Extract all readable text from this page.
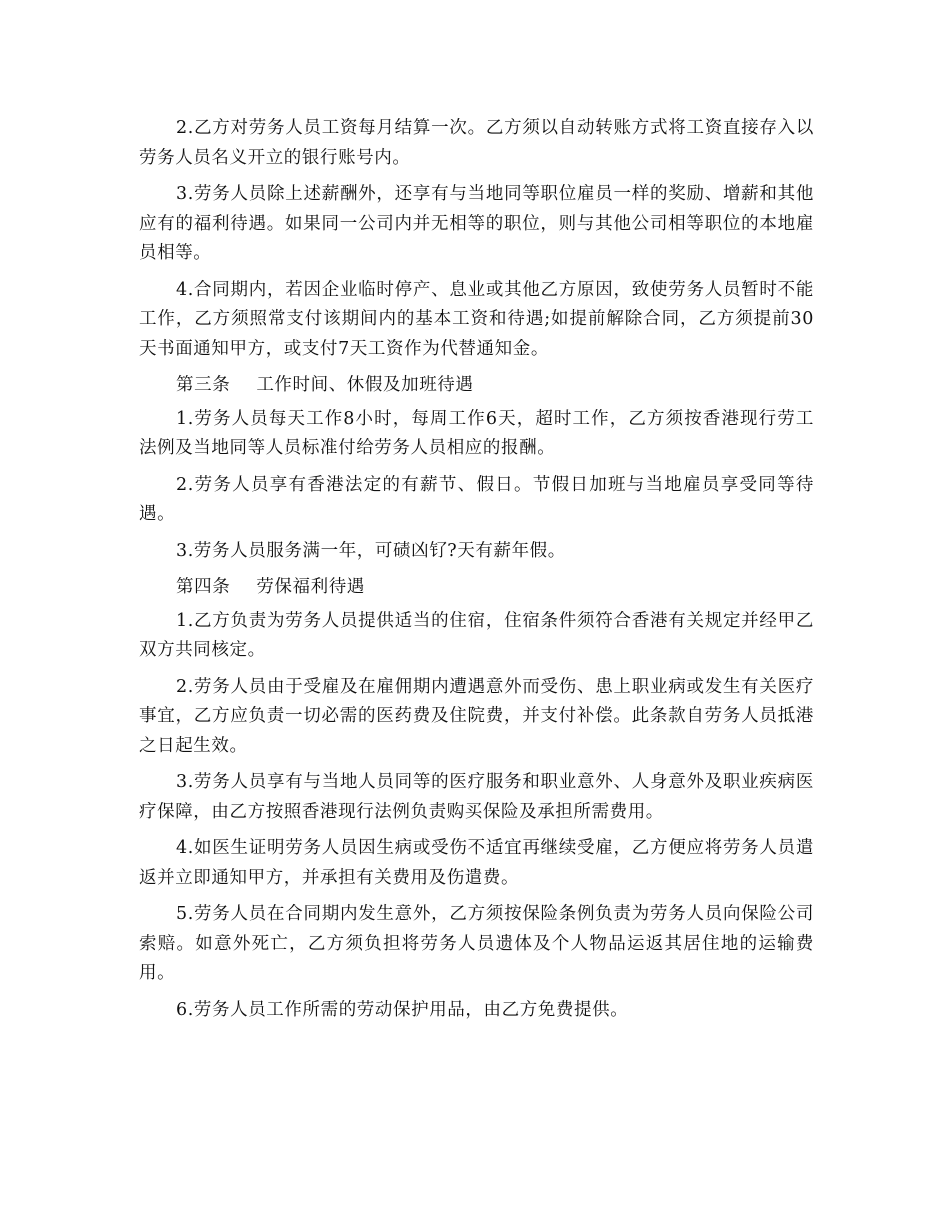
2.乙方对劳务人员工资每月结算一次。乙方须以自动转账方式将工资直接存入以劳务人员名义开立的银行账号内。

3.劳务人员除上述薪酬外，还享有与当地同等职位雇员一样的奖励、增薪和其他应有的福利待遇。如果同一公司内并无相等的职位，则与其他公司相等职位的本地雇员相等。

4.合同期内，若因企业临时停产、息业或其他乙方原因，致使劳务人员暂时不能工作，乙方须照常支付该期间内的基本工资和待遇;如提前解除合同，乙方须提前30天书面通知甲方，或支付7天工资作为代替通知金。

第三条 工作时间、休假及加班待遇

1.劳务人员每天工作8小时，每周工作6天，超时工作，乙方须按香港现行劳工法例及当地同等人员标准付给劳务人员相应的报酬。

2.劳务人员享有香港法定的有薪节、假日。节假日加班与当地雇员享受同等待遇。

3.劳务人员服务满一年，可碛凶钌?天有薪年假。

第四条 劳保福利待遇

1.乙方负责为劳务人员提供适当的住宿，住宿条件须符合香港有关规定并经甲乙双方共同核定。

2.劳务人员由于受雇及在雇佣期内遭遇意外而受伤、患上职业病或发生有关医疗事宜，乙方应负责一切必需的医药费及住院费，并支付补偿。此条款自劳务人员抵港之日起生效。

3.劳务人员享有与当地人员同等的医疗服务和职业意外、人身意外及职业疾病医疗保障，由乙方按照香港现行法例负责购买保险及承担所需费用。

4.如医生证明劳务人员因生病或受伤不适宜再继续受雇，乙方便应将劳务人员遣返并立即通知甲方，并承担有关费用及伤遣费。

5.劳务人员在合同期内发生意外，乙方须按保险条例负责为劳务人员向保险公司索赔。如意外死亡，乙方须负担将劳务人员遗体及个人物品运返其居住地的运输费用。

6.劳务人员工作所需的劳动保护用品，由乙方免费提供。
